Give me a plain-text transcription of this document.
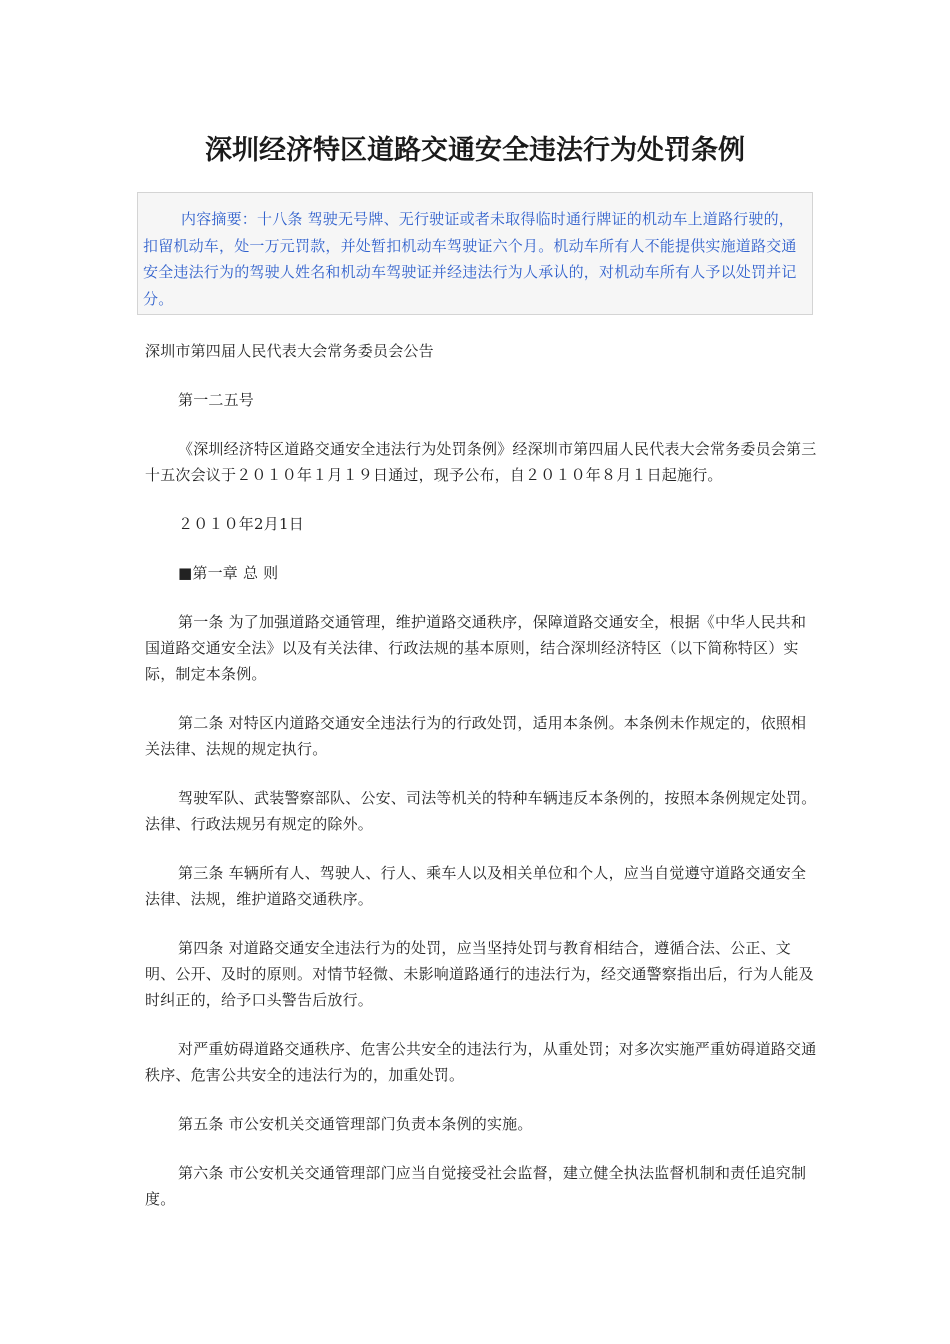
深圳经济特区道路交通安全违法行为处罚条例

内容摘要：十八条 驾驶无号牌、无行驶证或者未取得临时通行牌证的机动车上道路行驶的，扣留机动车，处一万元罚款，并处暂扣机动车驾驶证六个月。机动车所有人不能提供实施道路交通安全违法行为的驾驶人姓名和机动车驾驶证并经违法行为人承认的，对机动车所有人予以处罚并记分。

深圳市第四届人民代表大会常务委员会公告

第一二五号

《深圳经济特区道路交通安全违法行为处罚条例》经深圳市第四届人民代表大会常务委员会第三十五次会议于２０１０年１月１９日通过，现予公布，自２０１０年８月１日起施行。

２０１０年2月1日

■第一章 总 则

第一条 为了加强道路交通管理，维护道路交通秩序，保障道路交通安全，根据《中华人民共和国道路交通安全法》以及有关法律、行政法规的基本原则，结合深圳经济特区（以下简称特区）实际，制定本条例。

第二条 对特区内道路交通安全违法行为的行政处罚，适用本条例。本条例未作规定的，依照相关法律、法规的规定执行。

驾驶军队、武装警察部队、公安、司法等机关的特种车辆违反本条例的，按照本条例规定处罚。法律、行政法规另有规定的除外。

第三条 车辆所有人、驾驶人、行人、乘车人以及相关单位和个人，应当自觉遵守道路交通安全法律、法规，维护道路交通秩序。

第四条 对道路交通安全违法行为的处罚，应当坚持处罚与教育相结合，遵循合法、公正、文明、公开、及时的原则。对情节轻微、未影响道路通行的违法行为，经交通警察指出后，行为人能及时纠正的，给予口头警告后放行。

对严重妨碍道路交通秩序、危害公共安全的违法行为，从重处罚；对多次实施严重妨碍道路交通秩序、危害公共安全的违法行为的，加重处罚。

第五条 市公安机关交通管理部门负责本条例的实施。

第六条 市公安机关交通管理部门应当自觉接受社会监督，建立健全执法监督机制和责任追究制度。
